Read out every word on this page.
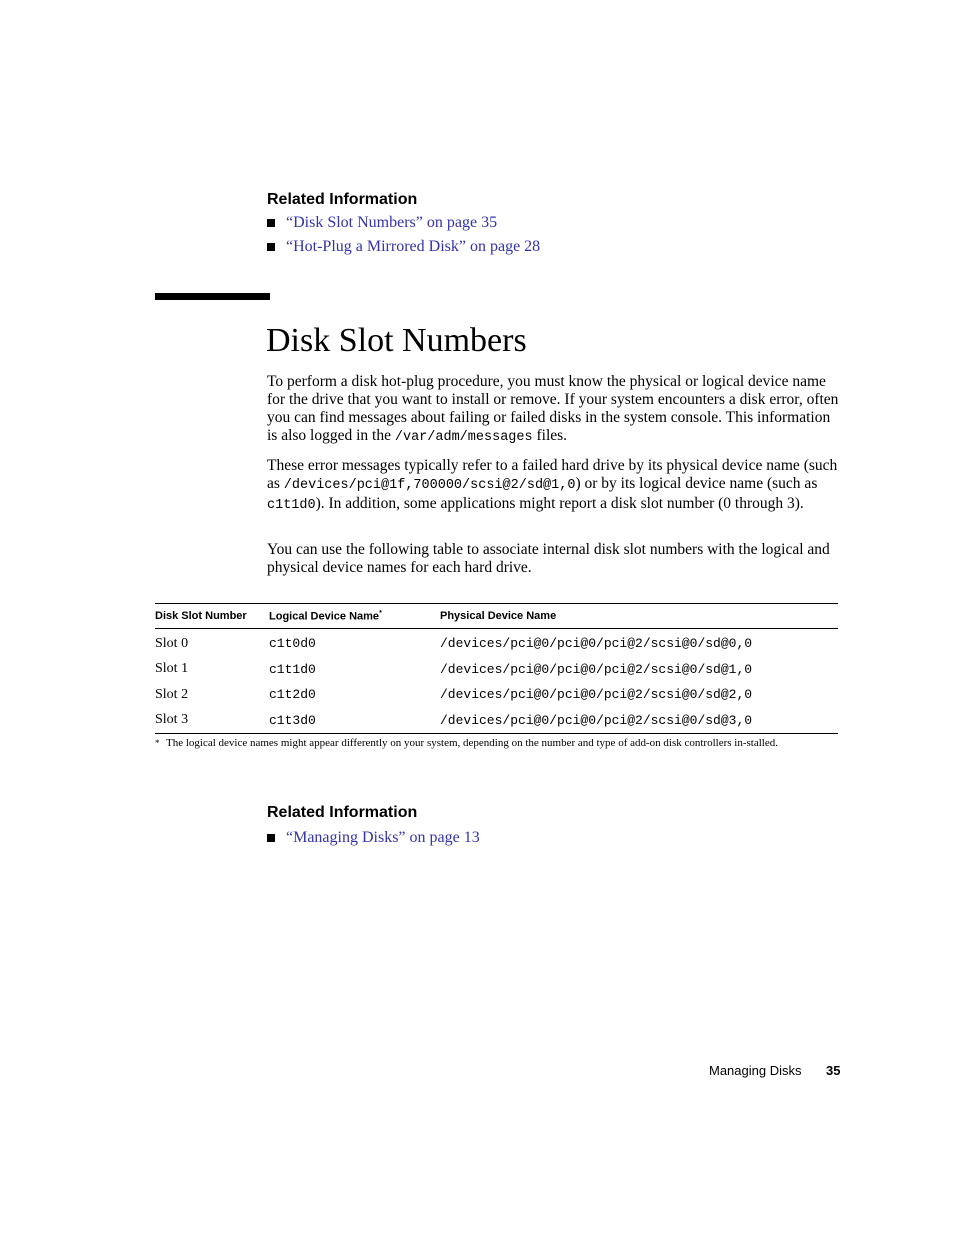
Related Information
“Disk Slot Numbers” on page 35
“Hot-Plug a Mirrored Disk” on page 28
Disk Slot Numbers

To perform a disk hot-plug procedure, you must know the physical or logical device name for the drive that you want to install or remove. If your system encounters a disk error, often you can find messages about failing or failed disks in the system console. This information is also logged in the /var/adm/messages files.

These error messages typically refer to a failed hard drive by its physical device name (such as /devices/pci@1f,700000/scsi@2/sd@1,0) or by its logical device name (such as c1t1d0). In addition, some applications might report a disk slot number (0 through 3).

You can use the following table to associate internal disk slot numbers with the logical and physical device names for each hard drive.

Disk Slot Number	Logical Device Name*	Physical Device Name
Slot 0	c1t0d0	/devices/pci@0/pci@0/pci@2/scsi@0/sd@0,0
Slot 1	c1t1d0	/devices/pci@0/pci@0/pci@2/scsi@0/sd@1,0
Slot 2	c1t2d0	/devices/pci@0/pci@0/pci@2/scsi@0/sd@2,0
Slot 3	c1t3d0	/devices/pci@0/pci@0/pci@2/scsi@0/sd@3,0
* The logical device names might appear differently on your system, depending on the number and type of add-on disk controllers in-stalled.
Related Information
“Managing Disks” on page 13
Managing Disks 35
